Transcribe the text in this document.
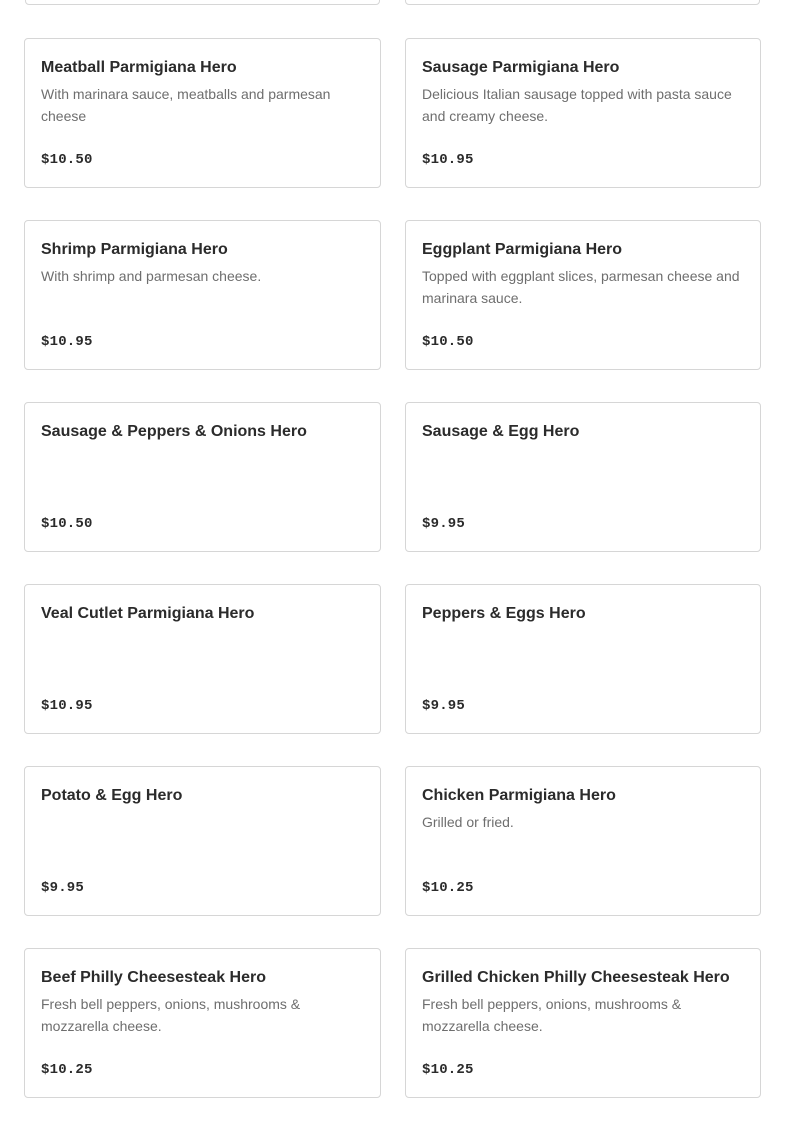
Meatball Parmigiana Hero
With marinara sauce, meatballs and parmesan cheese
$10.50
Sausage Parmigiana Hero
Delicious Italian sausage topped with pasta sauce and creamy cheese.
$10.95
Shrimp Parmigiana Hero
With shrimp and parmesan cheese.
$10.95
Eggplant Parmigiana Hero
Topped with eggplant slices, parmesan cheese and marinara sauce.
$10.50
Sausage & Peppers & Onions Hero
$10.50
Sausage & Egg Hero
$9.95
Veal Cutlet Parmigiana Hero
$10.95
Peppers & Eggs Hero
$9.95
Potato & Egg Hero
$9.95
Chicken Parmigiana Hero
Grilled or fried.
$10.25
Beef Philly Cheesesteak Hero
Fresh bell peppers, onions, mushrooms & mozzarella cheese.
$10.25
Grilled Chicken Philly Cheesesteak Hero
Fresh bell peppers, onions, mushrooms & mozzarella cheese.
$10.25
